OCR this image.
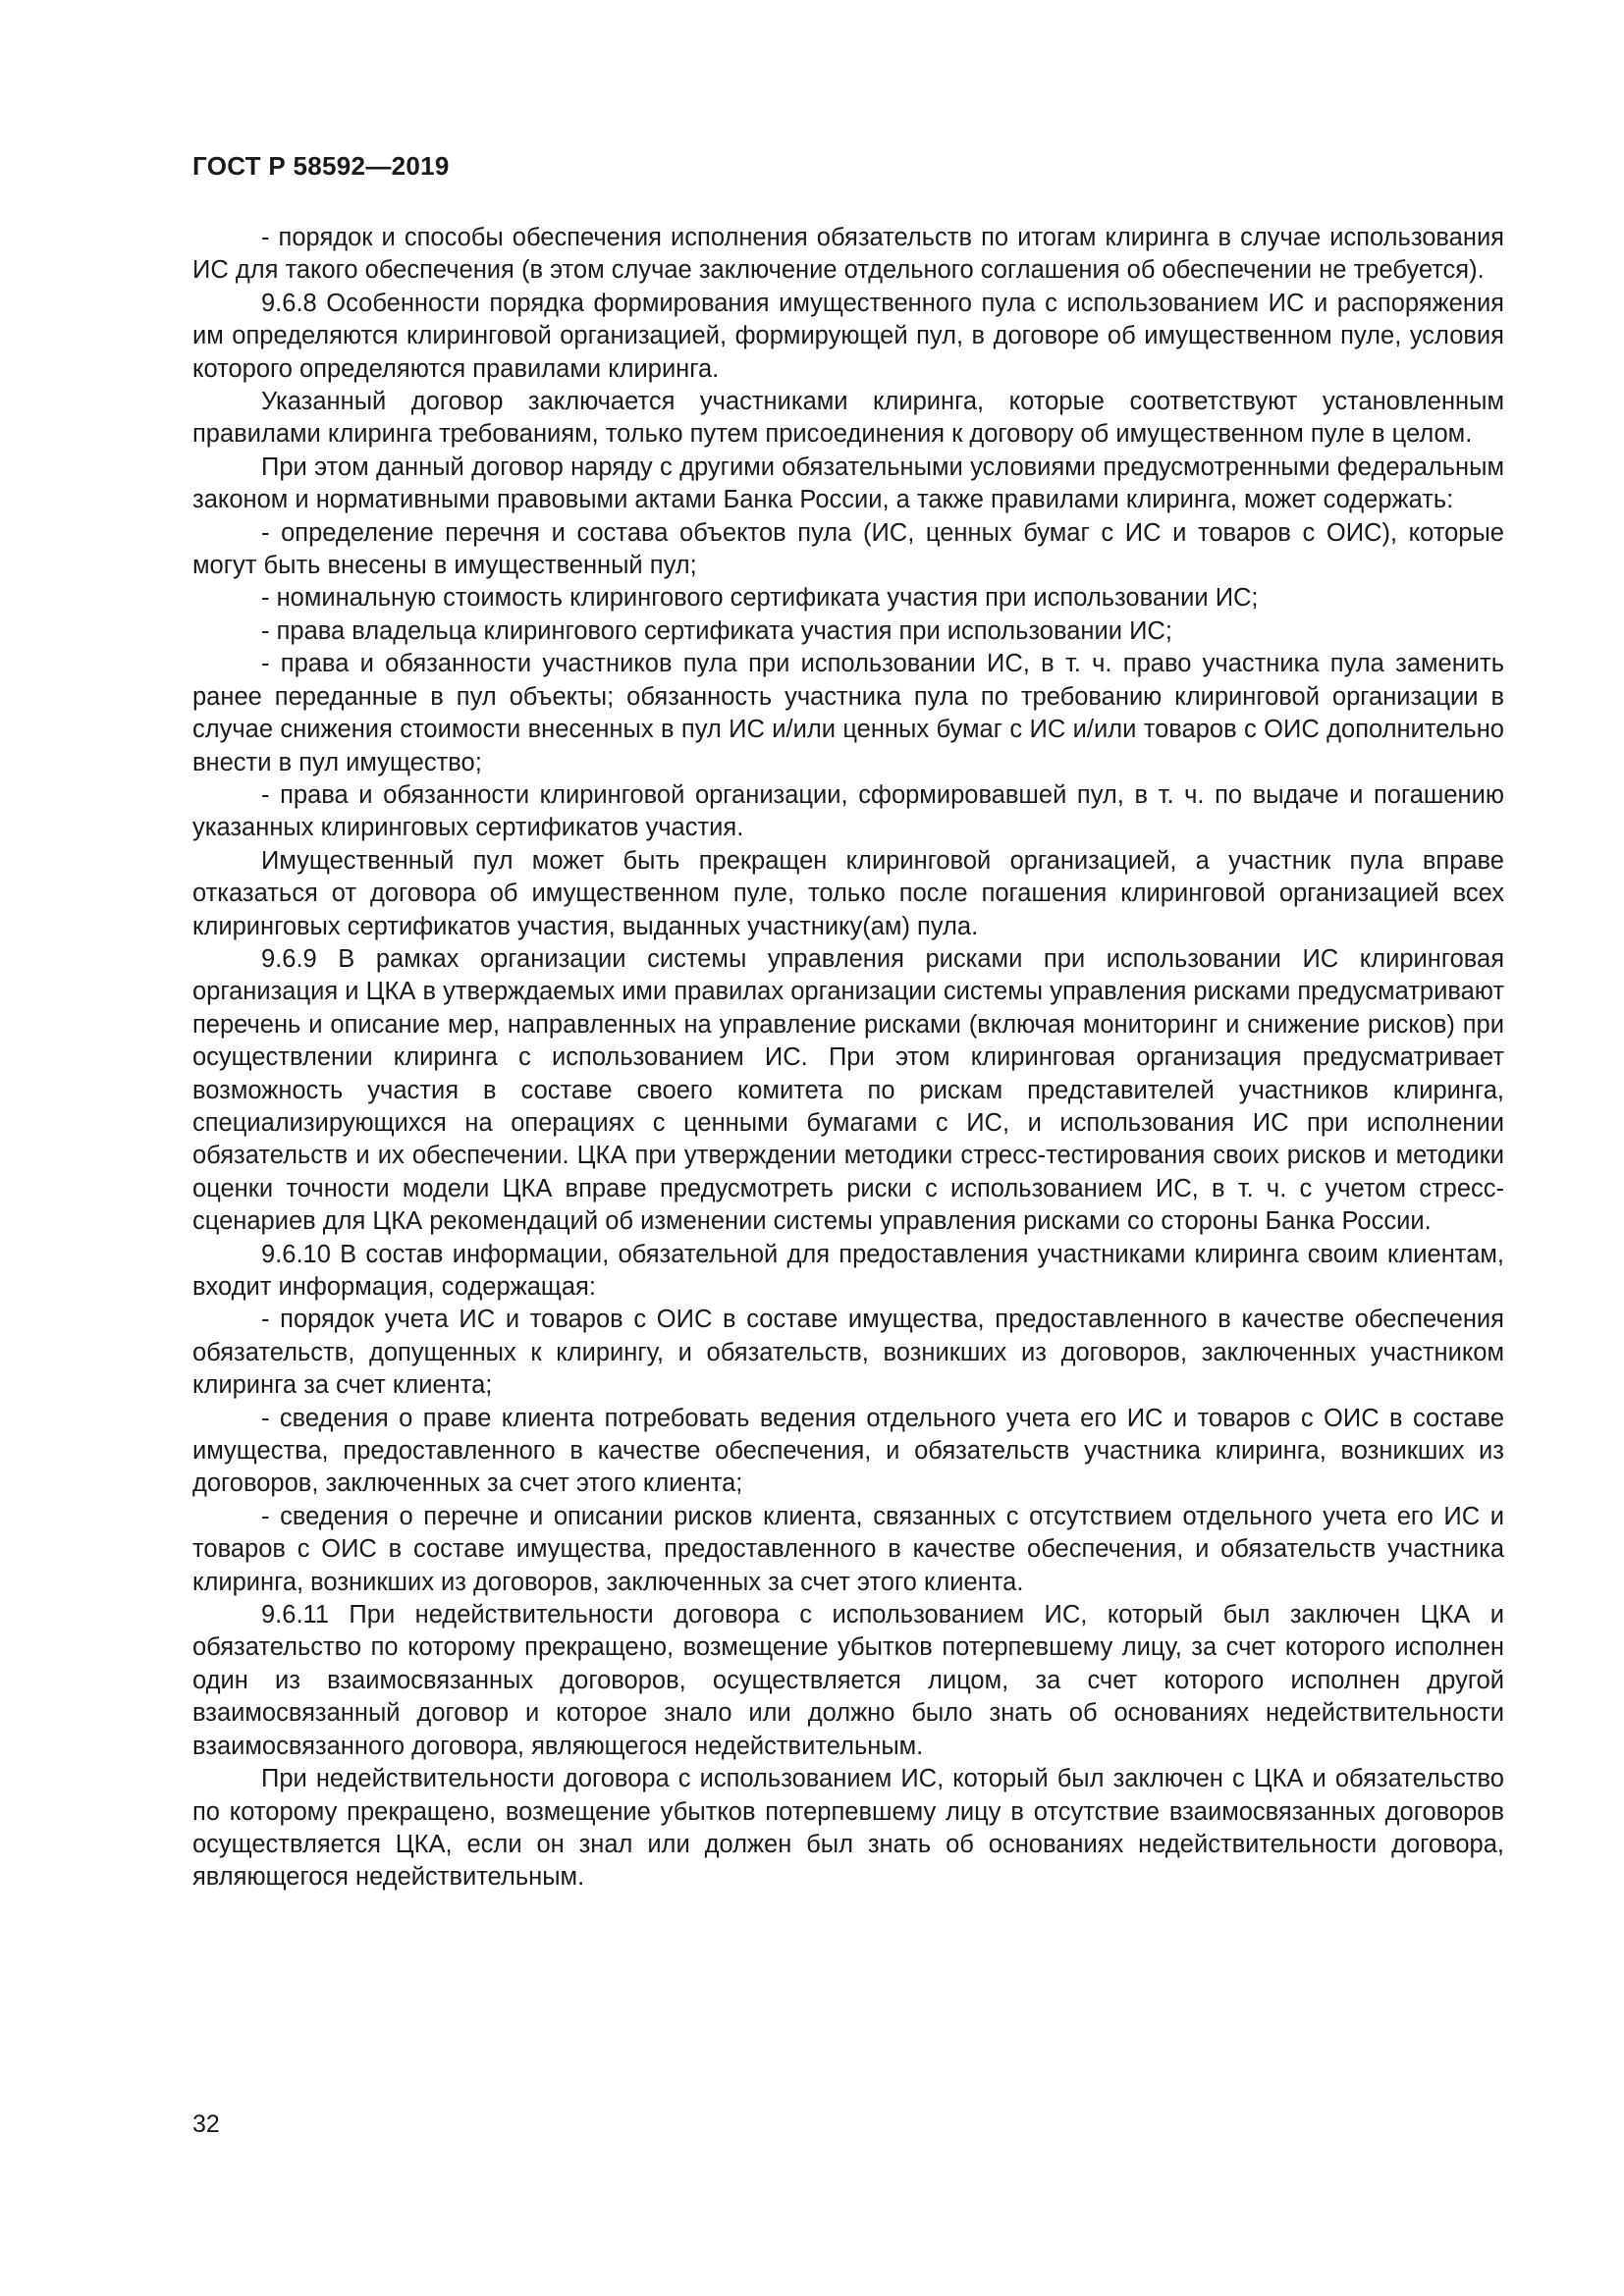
ГОСТ Р 58592—2019

- порядок и способы обеспечения исполнения обязательств по итогам клиринга в случае использования ИС для такого обеспечения (в этом случае заключение отдельного соглашения об обеспечении не требуется).

9.6.8 Особенности порядка формирования имущественного пула с использованием ИС и распоряжения им определяются клиринговой организацией, формирующей пул, в договоре об имущественном пуле, условия которого определяются правилами клиринга.

Указанный договор заключается участниками клиринга, которые соответствуют установленным правилами клиринга требованиям, только путем присоединения к договору об имущественном пуле в целом.

При этом данный договор наряду с другими обязательными условиями предусмотренными федеральным законом и нормативными правовыми актами Банка России, а также правилами клиринга, может содержать:

- определение перечня и состава объектов пула (ИС, ценных бумаг с ИС и товаров с ОИС), которые могут быть внесены в имущественный пул;

- номинальную стоимость клирингового сертификата участия при использовании ИС;

- права владельца клирингового сертификата участия при использовании ИС;

- права и обязанности участников пула при использовании ИС, в т. ч. право участника пула заменить ранее переданные в пул объекты; обязанность участника пула по требованию клиринговой организации в случае снижения стоимости внесенных в пул ИС и/или ценных бумаг с ИС и/или товаров с ОИС дополнительно внести в пул имущество;

- права и обязанности клиринговой организации, сформировавшей пул, в т. ч. по выдаче и погашению указанных клиринговых сертификатов участия.

Имущественный пул может быть прекращен клиринговой организацией, а участник пула вправе отказаться от договора об имущественном пуле, только после погашения клиринговой организацией всех клиринговых сертификатов участия, выданных участнику(ам) пула.

9.6.9 В рамках организации системы управления рисками при использовании ИС клиринговая организация и ЦКА в утверждаемых ими правилах организации системы управления рисками предусматривают перечень и описание мер, направленных на управление рисками (включая мониторинг и снижение рисков) при осуществлении клиринга с использованием ИС. При этом клиринговая организация предусматривает возможность участия в составе своего комитета по рискам представителей участников клиринга, специализирующихся на операциях с ценными бумагами с ИС, и использования ИС при исполнении обязательств и их обеспечении. ЦКА при утверждении методики стресс-тестирования своих рисков и методики оценки точности модели ЦКА вправе предусмотреть риски с использованием ИС, в т. ч. с учетом стресс-сценариев для ЦКА рекомендаций об изменении системы управления рисками со стороны Банка России.

9.6.10 В состав информации, обязательной для предоставления участниками клиринга своим клиентам, входит информация, содержащая:

- порядок учета ИС и товаров с ОИС в составе имущества, предоставленного в качестве обеспечения обязательств, допущенных к клирингу, и обязательств, возникших из договоров, заключенных участником клиринга за счет клиента;

- сведения о праве клиента потребовать ведения отдельного учета его ИС и товаров с ОИС в составе имущества, предоставленного в качестве обеспечения, и обязательств участника клиринга, возникших из договоров, заключенных за счет этого клиента;

- сведения о перечне и описании рисков клиента, связанных с отсутствием отдельного учета его ИС и товаров с ОИС в составе имущества, предоставленного в качестве обеспечения, и обязательств участника клиринга, возникших из договоров, заключенных за счет этого клиента.

9.6.11 При недействительности договора с использованием ИС, который был заключен ЦКА и обязательство по которому прекращено, возмещение убытков потерпевшему лицу, за счет которого исполнен один из взаимосвязанных договоров, осуществляется лицом, за счет которого исполнен другой взаимосвязанный договор и которое знало или должно было знать об основаниях недействительности взаимосвязанного договора, являющегося недействительным.

При недействительности договора с использованием ИС, который был заключен с ЦКА и обязательство по которому прекращено, возмещение убытков потерпевшему лицу в отсутствие взаимосвязанных договоров осуществляется ЦКА, если он знал или должен был знать об основаниях недействительности договора, являющегося недействительным.

32
